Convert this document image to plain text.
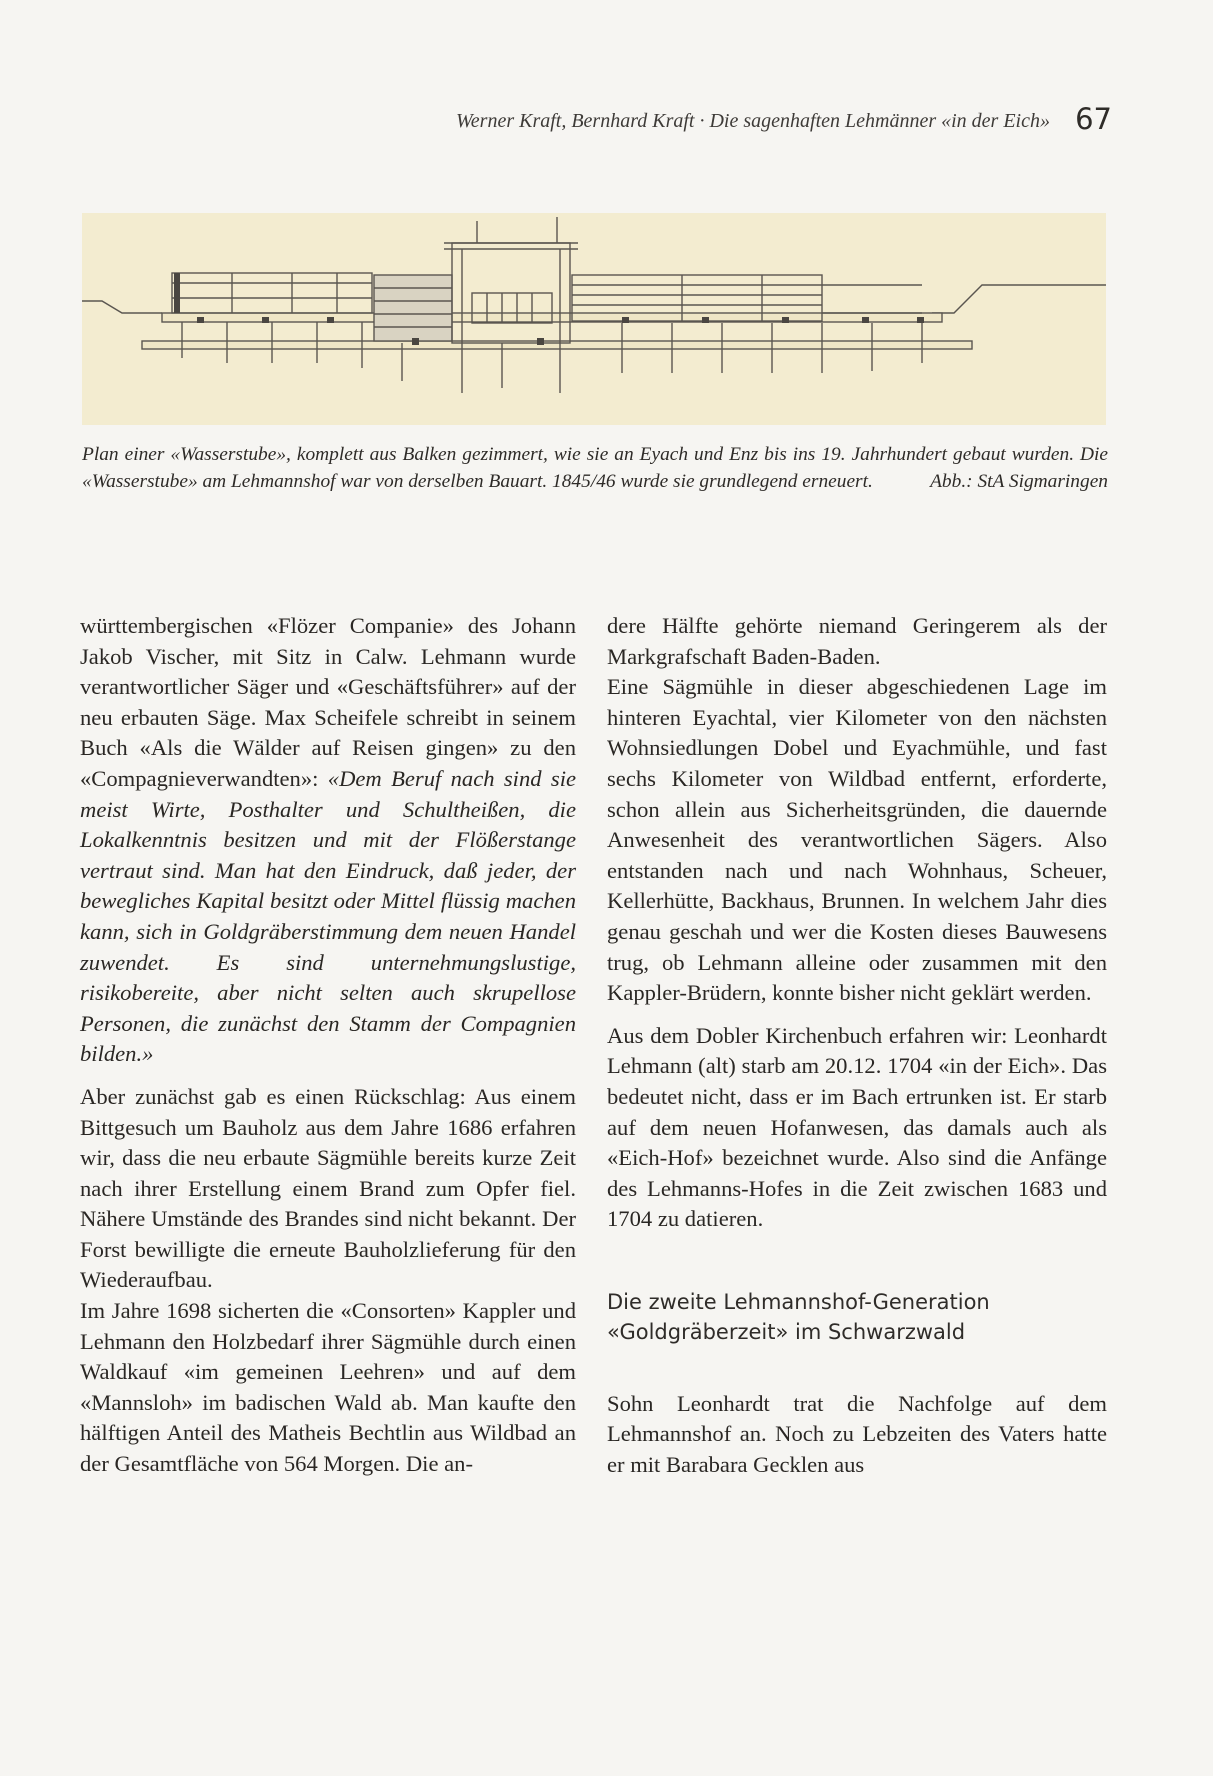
Werner Kraft, Bernhard Kraft · Die sagenhaften Lehmänner «in der Eich» 67
Plan einer «Wasserstube», komplett aus Balken gezimmert, wie sie an Eyach und Enz bis ins 19. Jahrhundert gebaut wurden. Die «Wasserstube» am Lehmannshof war von derselben Bauart. 1845/46 wurde sie grundlegend erneuert.	Abb.: StA Sigmaringen

württembergischen «Flözer Companie» des Johann Jakob Vischer, mit Sitz in Calw. Lehmann wurde verantwortlicher Säger und «Geschäftsführer» auf der neu erbauten Säge. Max Scheifele schreibt in seinem Buch «Als die Wälder auf Reisen gingen» zu den «Compagnieverwandten»: «Dem Beruf nach sind sie meist Wirte, Posthalter und Schultheißen, die Lokalkenntnis besitzen und mit der Flößerstange vertraut sind. Man hat den Eindruck, daß jeder, der bewegliches Kapital besitzt oder Mittel flüssig machen kann, sich in Goldgräberstimmung dem neuen Handel zuwendet. Es sind unternehmungslustige, risikobereite, aber nicht selten auch skrupellose Personen, die zunächst den Stamm der Compagnien bilden.»

Aber zunächst gab es einen Rückschlag: Aus einem Bittgesuch um Bauholz aus dem Jahre 1686 erfahren wir, dass die neu erbaute Sägmühle bereits kurze Zeit nach ihrer Erstellung einem Brand zum Opfer fiel. Nähere Umstände des Brandes sind nicht bekannt. Der Forst bewilligte die erneute Bauholzlieferung für den Wiederaufbau.

Im Jahre 1698 sicherten die «Consorten» Kappler und Lehmann den Holzbedarf ihrer Sägmühle durch einen Waldkauf «im gemeinen Leehren» und auf dem «Mannsloh» im badischen Wald ab. Man kaufte den hälftigen Anteil des Matheis Bechtlin aus Wildbad an der Gesamtfläche von 564 Morgen. Die an-

dere Hälfte gehörte niemand Geringerem als der Markgrafschaft Baden-Baden.

Eine Sägmühle in dieser abgeschiedenen Lage im hinteren Eyachtal, vier Kilometer von den nächsten Wohnsiedlungen Dobel und Eyachmühle, und fast sechs Kilometer von Wildbad entfernt, erforderte, schon allein aus Sicherheitsgründen, die dauernde Anwesenheit des verantwortlichen Sägers. Also entstanden nach und nach Wohnhaus, Scheuer, Kellerhütte, Backhaus, Brunnen. In welchem Jahr dies genau geschah und wer die Kosten dieses Bauwesens trug, ob Lehmann alleine oder zusammen mit den Kappler-Brüdern, konnte bisher nicht geklärt werden.

Aus dem Dobler Kirchenbuch erfahren wir: Leonhardt Lehmann (alt) starb am 20.12. 1704 «in der Eich». Das bedeutet nicht, dass er im Bach ertrunken ist. Er starb auf dem neuen Hofanwesen, das damals auch als «Eich-Hof» bezeichnet wurde. Also sind die Anfänge des Lehmanns-Hofes in die Zeit zwischen 1683 und 1704 zu datieren.

Die zweite Lehmannshof-Generation
«Goldgräberzeit» im Schwarzwald

Sohn Leonhardt trat die Nachfolge auf dem Lehmannshof an. Noch zu Lebzeiten des Vaters hatte er mit Barabara Gecklen aus
